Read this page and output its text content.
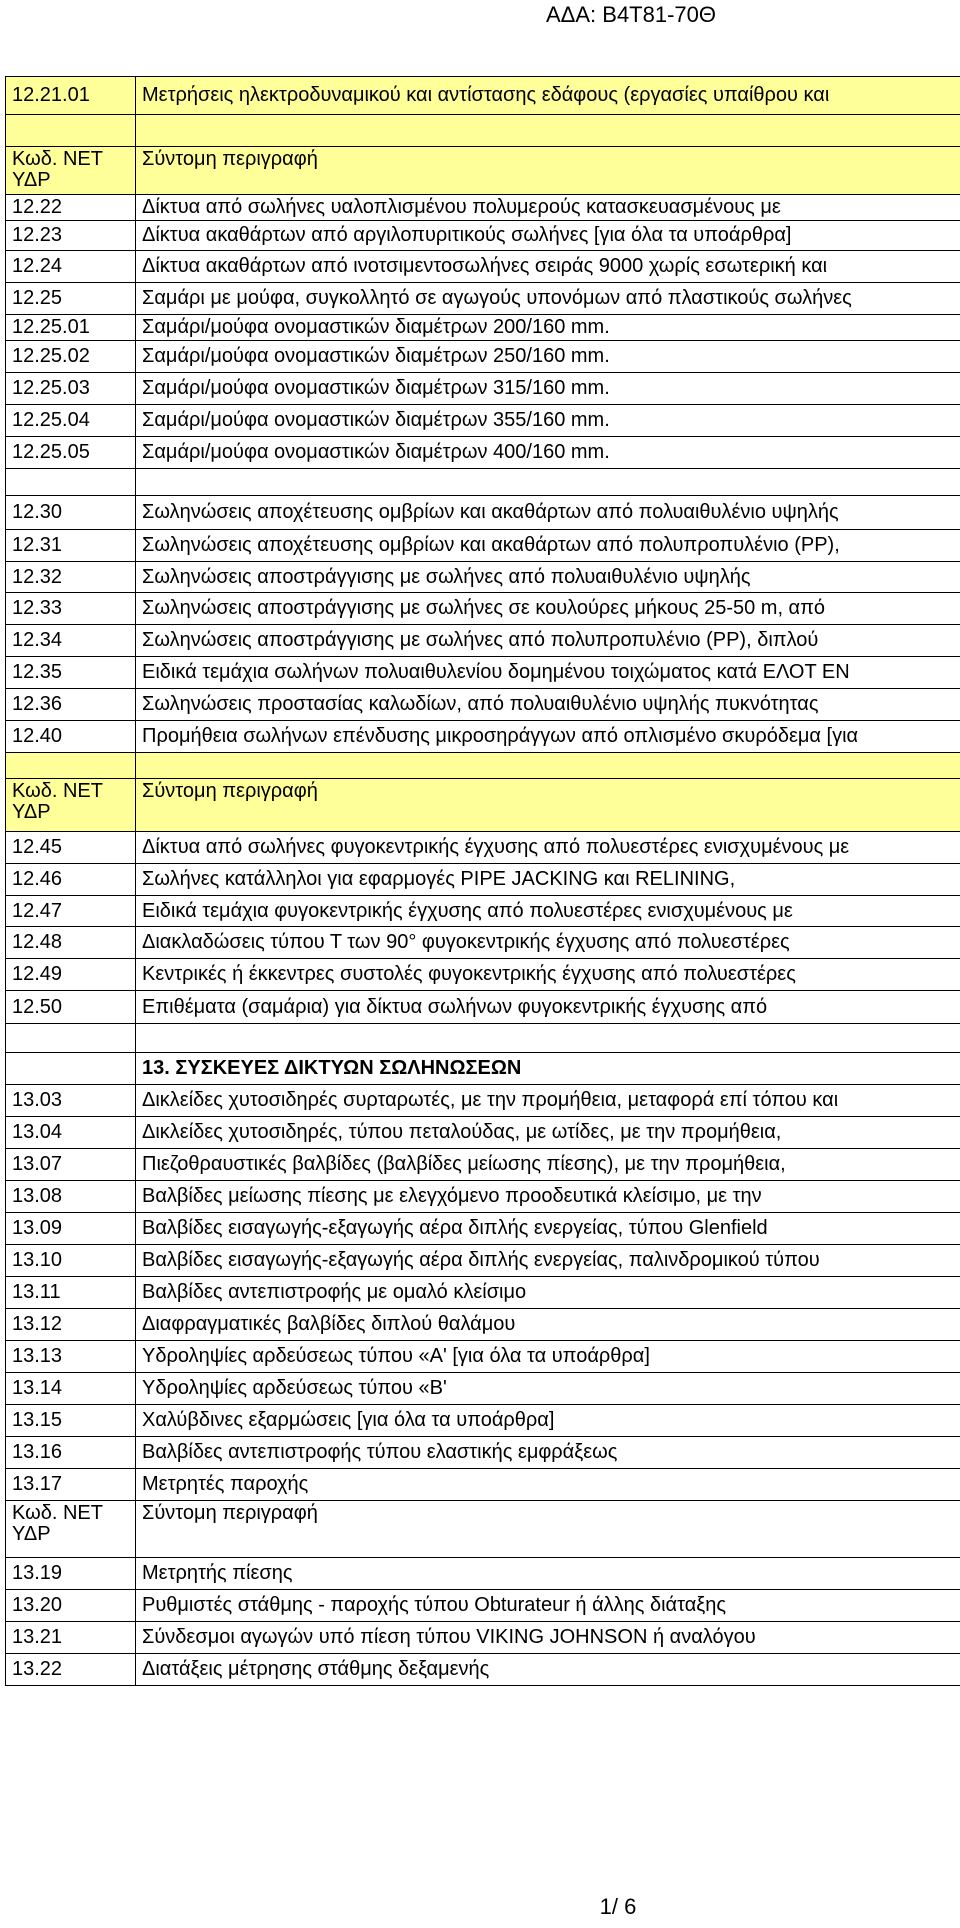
ΑΔΑ: Β4Τ81-70Θ
12.21.01	Μετρήσεις ηλεκτροδυναμικού και αντίστασης εδάφους (εργασίες υπαίθρου και

Κωδ. ΝΕΤ
ΥΔΡ	Σύντομη περιγραφή
12.22	Δίκτυα από σωλήνες υαλοπλισμένου πολυμερούς κατασκευασμένους με
12.23	Δίκτυα ακαθάρτων από αργιλοπυριτικούς σωλήνες [για όλα τα υποάρθρα]
12.24	Δίκτυα ακαθάρτων από ινοτσιμεντοσωλήνες σειράς 9000 χωρίς εσωτερική και
12.25	Σαμάρι με μούφα, συγκολλητό σε αγωγούς υπονόμων από πλαστικούς σωλήνες
12.25.01	Σαμάρι/μούφα ονομαστικών διαμέτρων 200/160 mm.
12.25.02	Σαμάρι/μούφα ονομαστικών διαμέτρων 250/160 mm.
12.25.03	Σαμάρι/μούφα ονομαστικών διαμέτρων 315/160 mm.
12.25.04	Σαμάρι/μούφα ονομαστικών διαμέτρων 355/160 mm.
12.25.05	Σαμάρι/μούφα ονομαστικών διαμέτρων 400/160 mm.

12.30	Σωληνώσεις αποχέτευσης ομβρίων και ακαθάρτων από πολυαιθυλένιο υψηλής
12.31	Σωληνώσεις αποχέτευσης ομβρίων και ακαθάρτων από πολυπροπυλένιο (PP),
12.32	Σωληνώσεις αποστράγγισης με σωλήνες από πολυαιθυλένιο υψηλής
12.33	Σωληνώσεις αποστράγγισης με σωλήνες σε κουλούρες μήκους 25-50 m, από
12.34	Σωληνώσεις αποστράγγισης με σωλήνες από πολυπροπυλένιο (PP), διπλού
12.35	Ειδικά τεμάχια σωλήνων πολυαιθυλενίου δομημένου τοιχώματος κατά ΕΛΟΤ ΕΝ
12.36	Σωληνώσεις προστασίας καλωδίων, από πολυαιθυλένιο υψηλής πυκνότητας
12.40	Προμήθεια σωλήνων επένδυσης μικροσηράγγων από οπλισμένο σκυρόδεμα [για

Κωδ. ΝΕΤ
ΥΔΡ	Σύντομη περιγραφή
12.45	Δίκτυα από σωλήνες φυγοκεντρικής έγχυσης από πολυεστέρες ενισχυμένους με
12.46	Σωλήνες κατάλληλοι για εφαρμογές PIPE JACKING και RELINING,
12.47	Ειδικά τεμάχια φυγοκεντρικής έγχυσης από πολυεστέρες ενισχυμένους με
12.48	Διακλαδώσεις τύπου Τ των 90° φυγοκεντρικής έγχυσης από πολυεστέρες
12.49	Κεντρικές ή έκκεντρες συστολές φυγοκεντρικής έγχυσης από πολυεστέρες
12.50	Επιθέματα (σαμάρια) για δίκτυα σωλήνων φυγοκεντρικής έγχυσης από

	13. ΣΥΣΚΕΥΕΣ ΔΙΚΤΥΩΝ ΣΩΛΗΝΩΣΕΩΝ
13.03	Δικλείδες χυτοσιδηρές συρταρωτές, με την προμήθεια, μεταφορά επί τόπου και
13.04	Δικλείδες χυτοσιδηρές, τύπου πεταλούδας, με ωτίδες, με την προμήθεια,
13.07	Πιεζοθραυστικές βαλβίδες (βαλβίδες μείωσης πίεσης), με την προμήθεια,
13.08	Βαλβίδες μείωσης πίεσης με ελεγχόμενο προοδευτικά κλείσιμο, με την
13.09	Βαλβίδες εισαγωγής-εξαγωγής αέρα διπλής ενεργείας, τύπου Glenfield
13.10	Βαλβίδες εισαγωγής-εξαγωγής αέρα διπλής ενεργείας, παλινδρομικού τύπου
13.11	Βαλβίδες αντεπιστροφής με ομαλό κλείσιμο
13.12	Διαφραγματικές βαλβίδες διπλού θαλάμου
13.13	Υδροληψίες αρδεύσεως τύπου «Α' [για όλα τα υποάρθρα]
13.14	Υδροληψίες αρδεύσεως τύπου «Β'
13.15	Χαλύβδινες εξαρμώσεις [για όλα τα υποάρθρα]
13.16	Βαλβίδες αντεπιστροφής τύπου ελαστικής εμφράξεως
13.17	Μετρητές παροχής
Κωδ. ΝΕΤ
ΥΔΡ	Σύντομη περιγραφή
13.19	Μετρητής πίεσης
13.20	Ρυθμιστές στάθμης - παροχής τύπου Obturateur ή άλλης διάταξης
13.21	Σύνδεσμοι αγωγών υπό πίεση τύπου VIKING JOHNSON ή αναλόγου
13.22	Διατάξεις μέτρησης στάθμης δεξαμενής
1/ 6
